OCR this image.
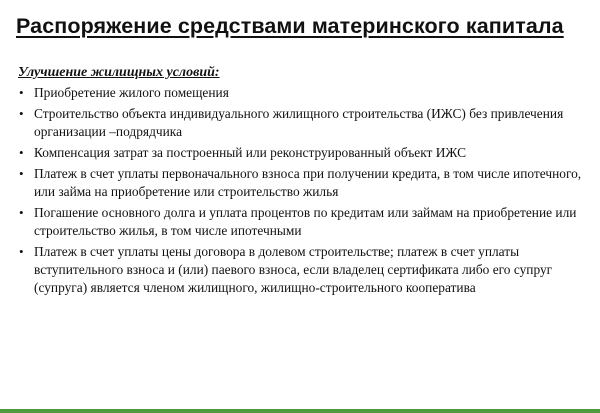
Распоряжение средствами материнского капитала
Улучшение жилищных условий:
• Приобретение жилого помещения
• Строительство объекта индивидуального жилищного строительства (ИЖС) без привлечения организации –подрядчика
• Компенсация затрат за построенный или реконструированный объект ИЖС
• Платеж в счет уплаты первоначального взноса при получении кредита, в том числе ипотечного, или займа на приобретение или строительство жилья
• Погашение основного долга и уплата процентов по кредитам или займам на приобретение или строительство жилья, в том числе ипотечными
• Платеж в счет уплаты цены договора в долевом строительстве; платеж в счет уплаты вступительного взноса и (или) паевого взноса, если владелец сертификата либо его супруг (супруга) является членом жилищного, жилищно-строительного кооператива
